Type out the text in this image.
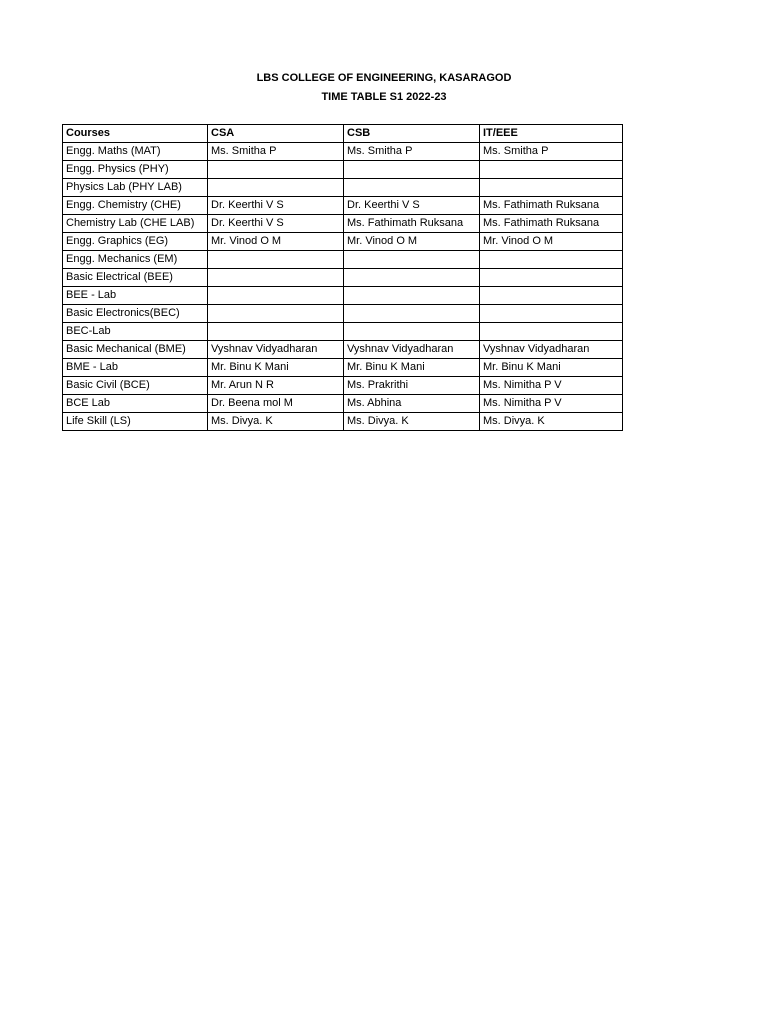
LBS COLLEGE OF ENGINEERING, KASARAGOD
TIME TABLE S1 2022-23
Courses	CSA	CSB	IT/EEE
Engg. Maths (MAT)	Ms. Smitha P	Ms. Smitha P	Ms. Smitha P
Engg. Physics (PHY)			
Physics Lab (PHY LAB)			
Engg. Chemistry (CHE)	Dr. Keerthi V S	Dr. Keerthi V S	Ms. Fathimath Ruksana
Chemistry Lab (CHE LAB)	Dr. Keerthi V S	Ms. Fathimath Ruksana	Ms. Fathimath Ruksana
Engg. Graphics (EG)	Mr. Vinod O M	Mr. Vinod O M	Mr. Vinod O M
Engg. Mechanics (EM)			
Basic Electrical (BEE)			
BEE - Lab			
Basic Electronics(BEC)			
BEC-Lab			
Basic Mechanical (BME)	Vyshnav Vidyadharan	Vyshnav Vidyadharan	Vyshnav Vidyadharan
BME - Lab	Mr. Binu K Mani	Mr. Binu K Mani	Mr. Binu K Mani
Basic Civil (BCE)	Mr. Arun N R	Ms. Prakrithi	Ms. Nimitha P V
BCE Lab	Dr. Beena mol M	Ms. Abhina	Ms. Nimitha P V
Life Skill (LS)	Ms. Divya. K	Ms. Divya. K	Ms. Divya. K
